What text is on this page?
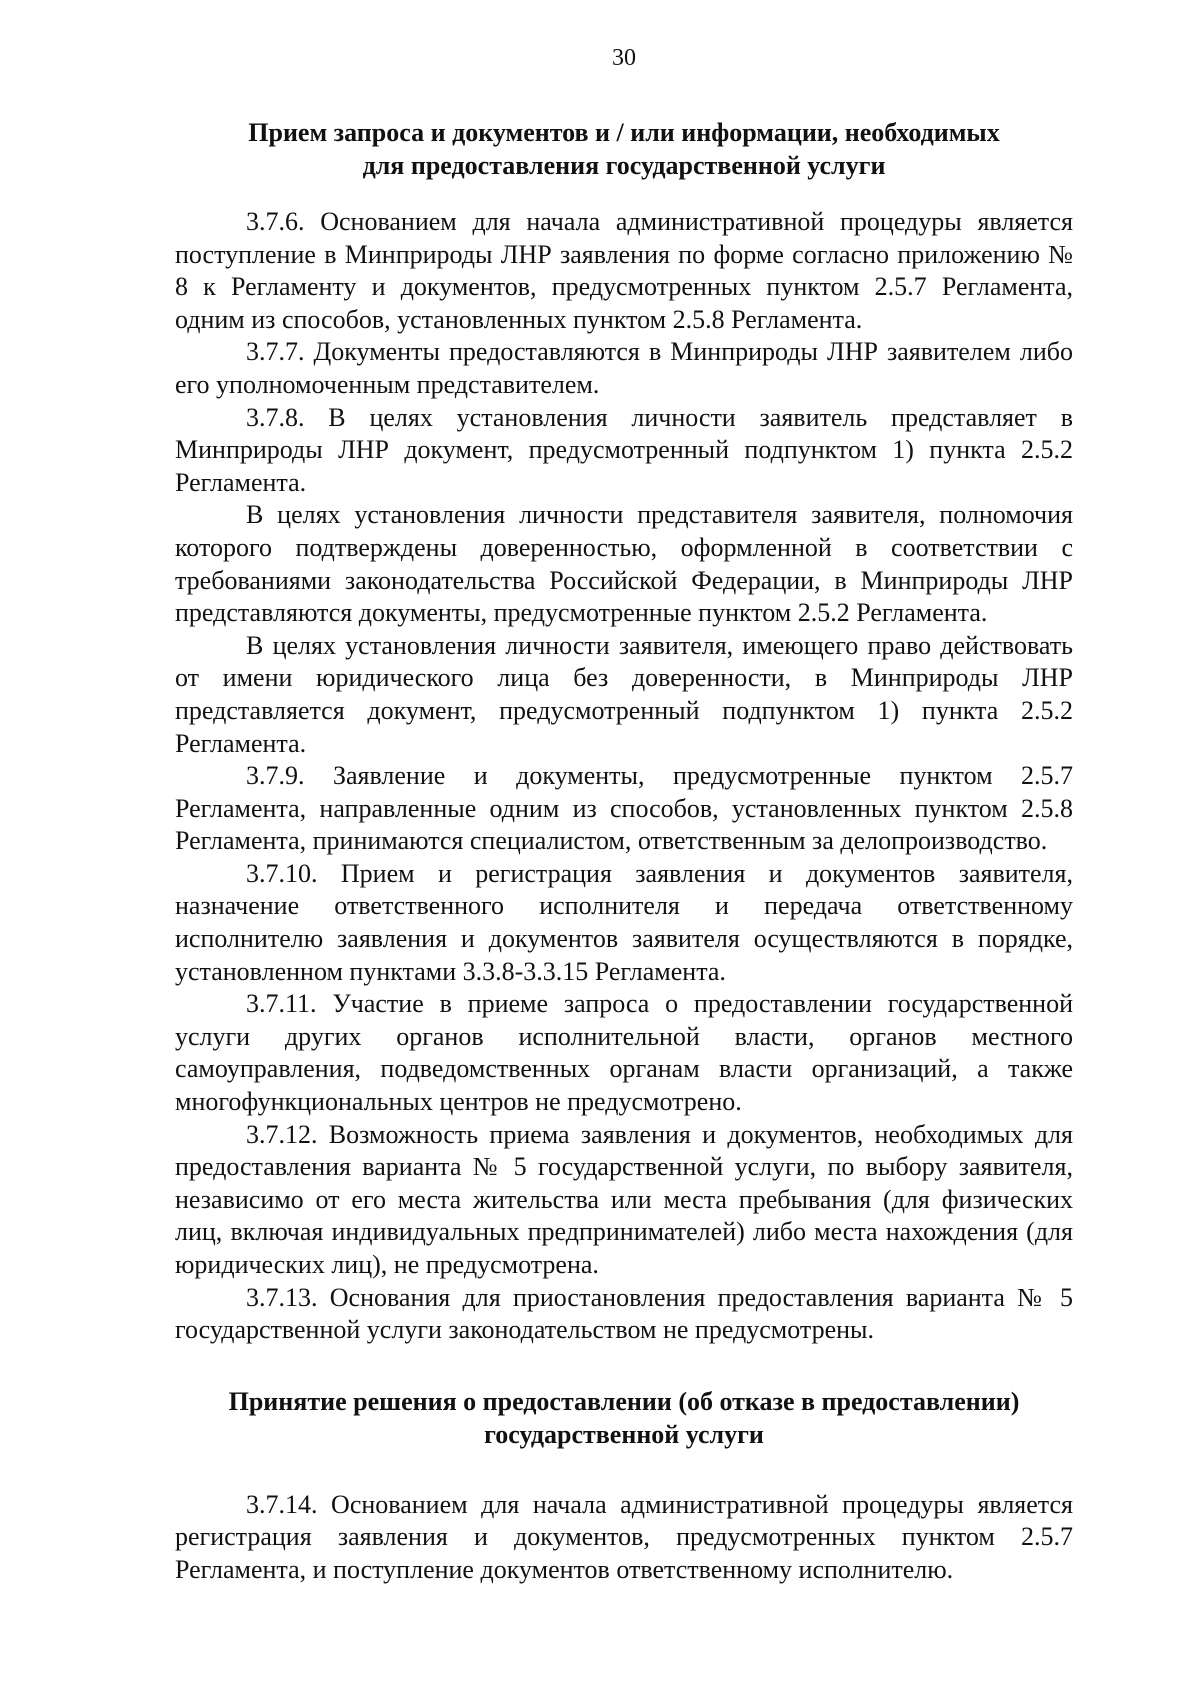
30
Прием запроса и документов и / или информации, необходимых
для предоставления государственной услуги

3.7.6. Основанием для начала административной процедуры является поступление в Минприроды ЛНР заявления по форме согласно приложению № 8 к Регламенту и документов, предусмотренных пунктом 2.5.7 Регламента, одним из способов, установленных пунктом 2.5.8 Регламента.

3.7.7. Документы предоставляются в Минприроды ЛНР заявителем либо его уполномоченным представителем.

3.7.8. В целях установления личности заявитель представляет в Минприроды ЛНР документ, предусмотренный подпунктом 1) пункта 2.5.2 Регламента.

В целях установления личности представителя заявителя, полномочия которого подтверждены доверенностью, оформленной в соответствии с требованиями законодательства Российской Федерации, в Минприроды ЛНР представляются документы, предусмотренные пунктом 2.5.2 Регламента.

В целях установления личности заявителя, имеющего право действовать от имени юридического лица без доверенности, в Минприроды ЛНР представляется документ, предусмотренный подпунктом 1) пункта 2.5.2 Регламента.

3.7.9. Заявление и документы, предусмотренные пунктом 2.5.7 Регламента, направленные одним из способов, установленных пунктом 2.5.8 Регламента, принимаются специалистом, ответственным за делопроизводство.

3.7.10. Прием и регистрация заявления и документов заявителя, назначение ответственного исполнителя и передача ответственному исполнителю заявления и документов заявителя осуществляются в порядке, установленном пунктами 3.3.8-3.3.15 Регламента.

3.7.11. Участие в приеме запроса о предоставлении государственной услуги других органов исполнительной власти, органов местного самоуправления, подведомственных органам власти организаций, а также многофункциональных центров не предусмотрено.

3.7.12. Возможность приема заявления и документов, необходимых для предоставления варианта № 5 государственной услуги, по выбору заявителя, независимо от его места жительства или места пребывания (для физических лиц, включая индивидуальных предпринимателей) либо места нахождения (для юридических лиц), не предусмотрена.

3.7.13. Основания для приостановления предоставления варианта № 5 государственной услуги законодательством не предусмотрены.

Принятие решения о предоставлении (об отказе в предоставлении)
государственной услуги

3.7.14. Основанием для начала административной процедуры является регистрация заявления и документов, предусмотренных пунктом 2.5.7 Регламента, и поступление документов ответственному исполнителю.
